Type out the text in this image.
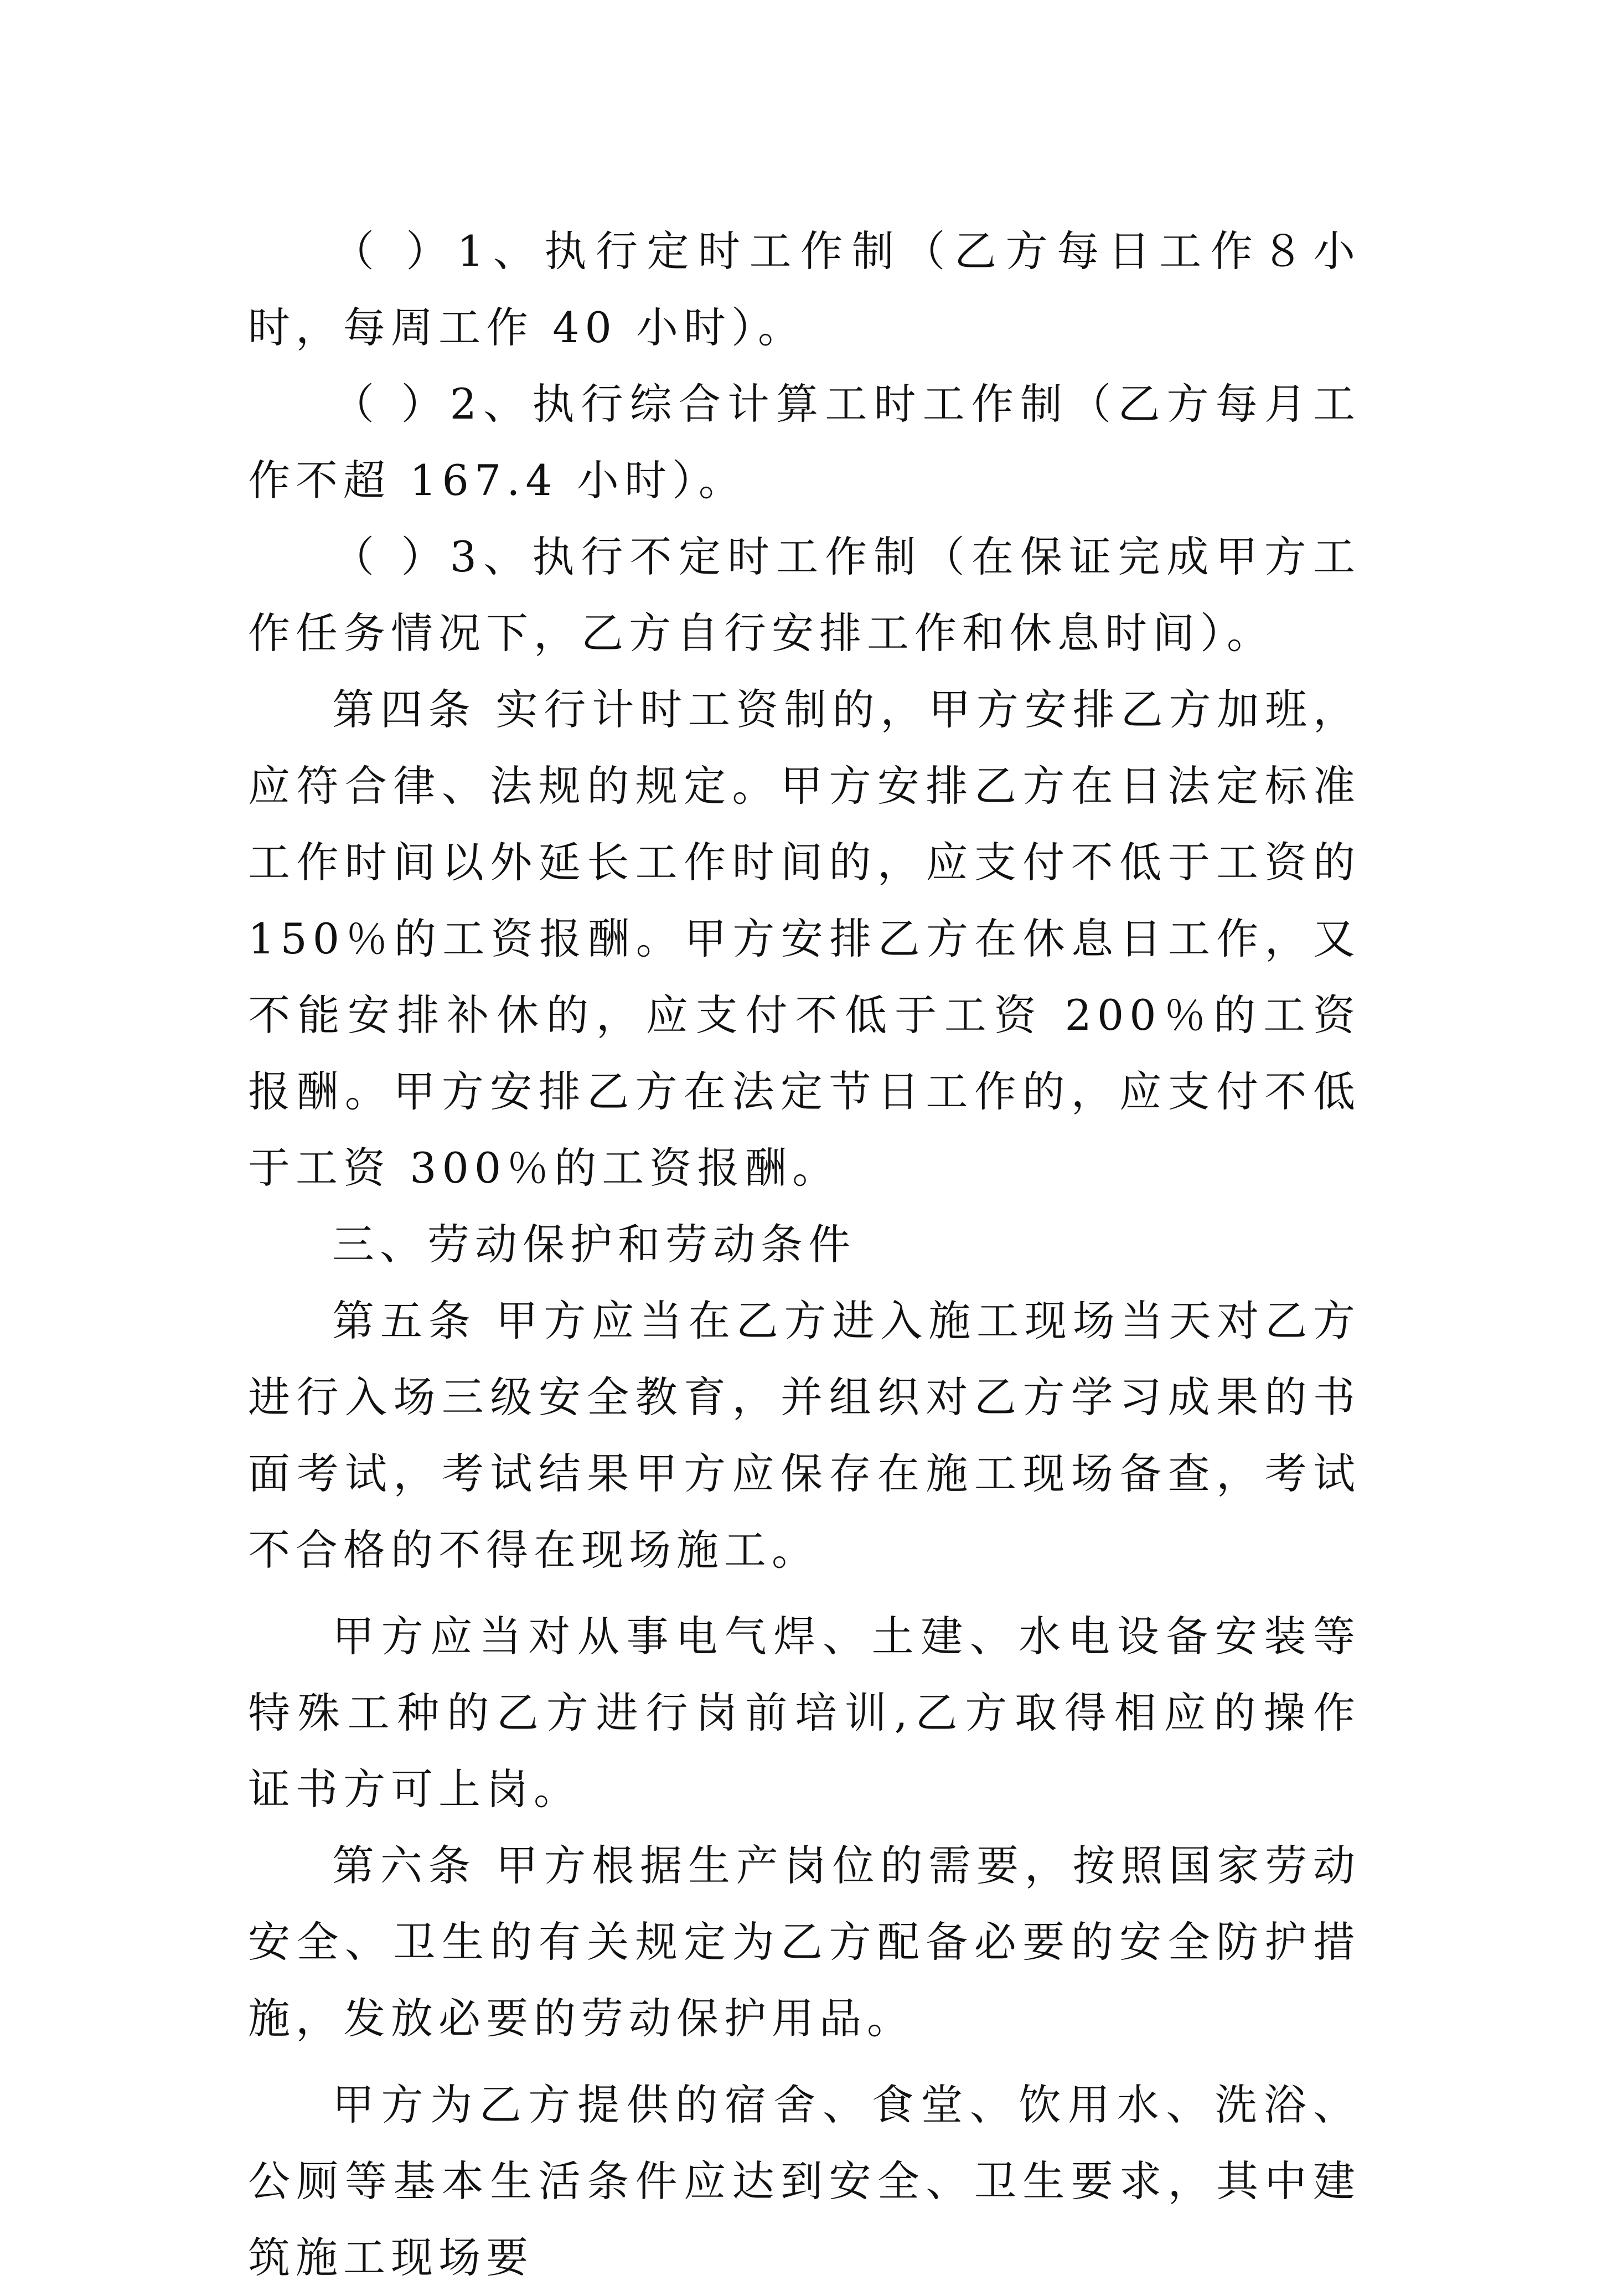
（ ）1、执行定时工作制（乙方每日工作８小时，每周工作 40 小时）。

（ ）2、执行综合计算工时工作制（乙方每月工作不超 167.4 小时）。

（ ）3、执行不定时工作制（在保证完成甲方工作任务情况下，乙方自行安排工作和休息时间）。

第四条 实行计时工资制的，甲方安排乙方加班，应符合律、法规的规定。甲方安排乙方在日法定标准工作时间以外延长工作时间的，应支付不低于工资的 150％的工资报酬。甲方安排乙方在休息日工作，又不能安排补休的，应支付不低于工资 200％的工资报酬。甲方安排乙方在法定节日工作的，应支付不低于工资 300％的工资报酬。

三、劳动保护和劳动条件

第五条 甲方应当在乙方进入施工现场当天对乙方进行入场三级安全教育，并组织对乙方学习成果的书面考试，考试结果甲方应保存在施工现场备查，考试不合格的不得在现场施工。

甲方应当对从事电气焊、土建、水电设备安装等特殊工种的乙方进行岗前培训,乙方取得相应的操作证书方可上岗。

第六条 甲方根据生产岗位的需要，按照国家劳动安全、卫生的有关规定为乙方配备必要的安全防护措施，发放必要的劳动保护用品。

甲方为乙方提供的宿舍、食堂、饮用水、洗浴、公厕等基本生活条件应达到安全、卫生要求，其中建筑施工现场要
